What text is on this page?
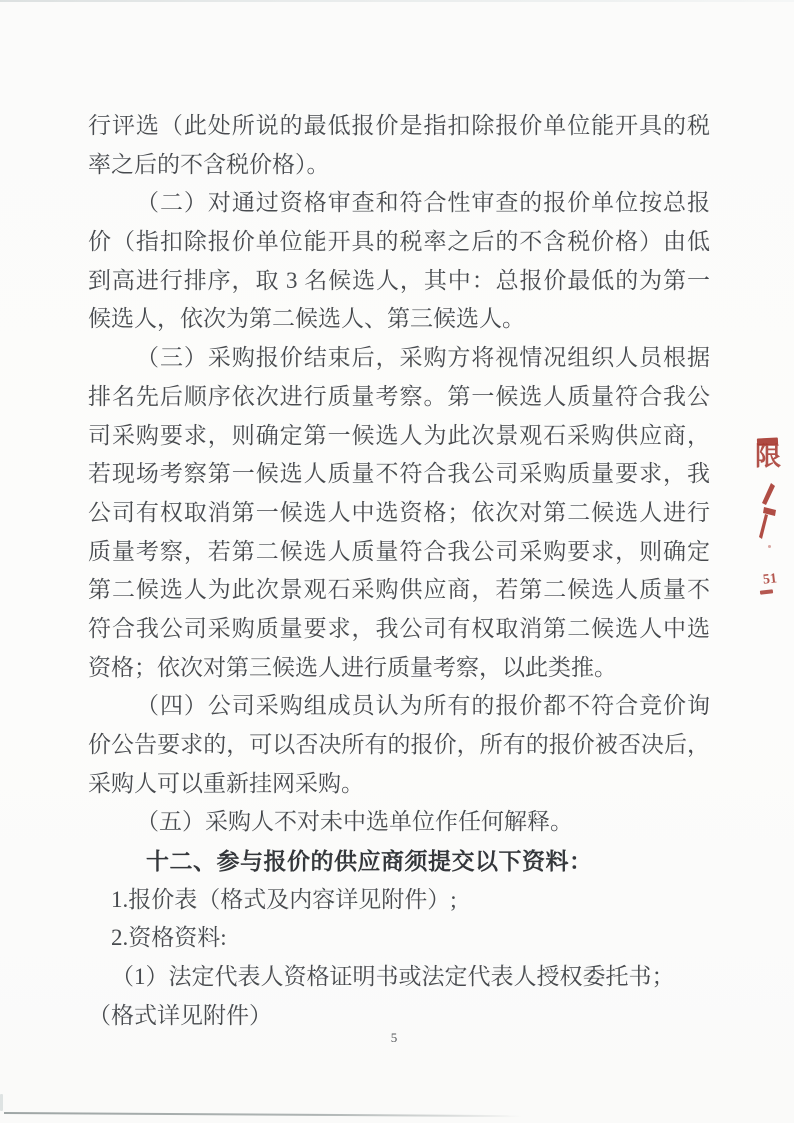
行评选（此处所说的最低报价是指扣除报价单位能开具的税
率之后的不含税价格）。
（二）对通过资格审查和符合性审查的报价单位按总报
价（指扣除报价单位能开具的税率之后的不含税价格）由低
到高进行排序，取 3 名候选人，其中：总报价最低的为第一
候选人，依次为第二候选人、第三候选人。
（三）采购报价结束后，采购方将视情况组织人员根据
排名先后顺序依次进行质量考察。第一候选人质量符合我公
司采购要求，则确定第一候选人为此次景观石采购供应商，
若现场考察第一候选人质量不符合我公司采购质量要求，我
公司有权取消第一候选人中选资格；依次对第二候选人进行
质量考察，若第二候选人质量符合我公司采购要求，则确定
第二候选人为此次景观石采购供应商，若第二候选人质量不
符合我公司采购质量要求，我公司有权取消第二候选人中选
资格；依次对第三候选人进行质量考察，以此类推。
（四）公司采购组成员认为所有的报价都不符合竞价询
价公告要求的，可以否决所有的报价，所有的报价被否决后，
采购人可以重新挂网采购。
（五）采购人不对未中选单位作任何解释。
十二、参与报价的供应商须提交以下资料：
1.报价表（格式及内容详见附件）;
2.资格资料:
（1）法定代表人资格证明书或法定代表人授权委托书；
（格式详见附件）
5
限
51
